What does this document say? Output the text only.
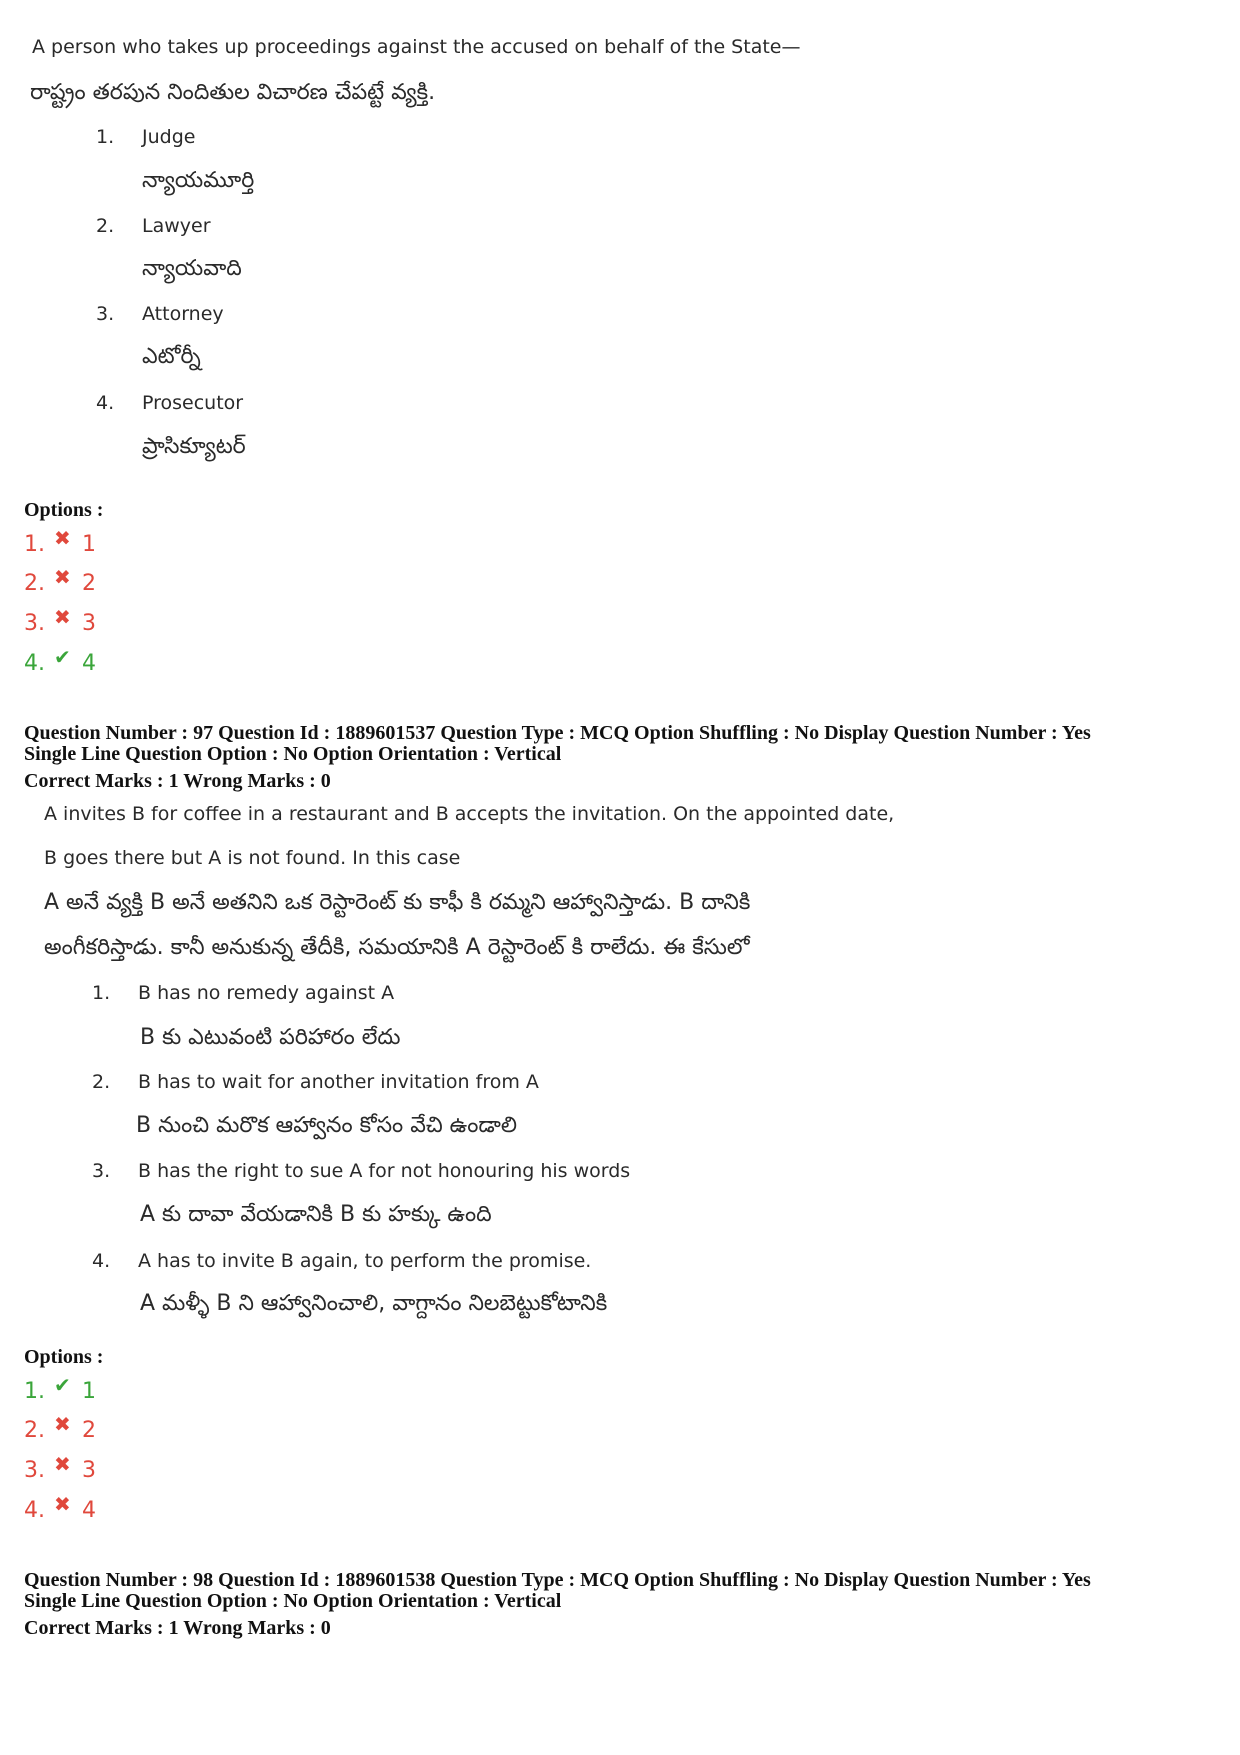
A person who takes up proceedings against the accused on behalf of the State—
రాష్ట్రం తరపున నిందితుల విచారణ చేపట్టే వ్యక్తి.
1. Judge
న్యాయమూర్తి
2. Lawyer
న్యాయవాది
3. Attorney
ఎటోర్నీ
4. Prosecutor
ప్రాసిక్యూటర్
Options :
1. ✖ 1
2. ✖ 2
3. ✖ 3
4. ✔ 4
Question Number : 97 Question Id : 1889601537 Question Type : MCQ Option Shuffling : No Display Question Number : Yes
Single Line Question Option : No Option Orientation : Vertical
Correct Marks : 1 Wrong Marks : 0
A invites B for coffee in a restaurant and B accepts the invitation. On the appointed date,
B goes there but A is not found. In this case
A అనే వ్యక్తి B అనే అతనిని ఒక రెస్టారెంట్ కు కాఫీ కి రమ్మని ఆహ్వానిస్తాడు. B దానికి
అంగీకరిస్తాడు. కానీ అనుకున్న తేదీకి, సమయానికి A రెస్టారెంట్ కి రాలేదు. ఈ కేసులో
1. B has no remedy against A
B కు ఎటువంటి పరిహారం లేదు
2. B has to wait for another invitation from A
B నుంచి మరొక ఆహ్వానం కోసం వేచి ఉండాలి
3. B has the right to sue A for not honouring his words
A కు దావా వేయడానికి B కు హక్కు ఉంది
4. A has to invite B again, to perform the promise.
A మళ్ళీ B ని ఆహ్వానించాలి, వాగ్దానం నిలబెట్టుకోటానికి
Options :
1. ✔ 1
2. ✖ 2
3. ✖ 3
4. ✖ 4
Question Number : 98 Question Id : 1889601538 Question Type : MCQ Option Shuffling : No Display Question Number : Yes
Single Line Question Option : No Option Orientation : Vertical
Correct Marks : 1 Wrong Marks : 0
